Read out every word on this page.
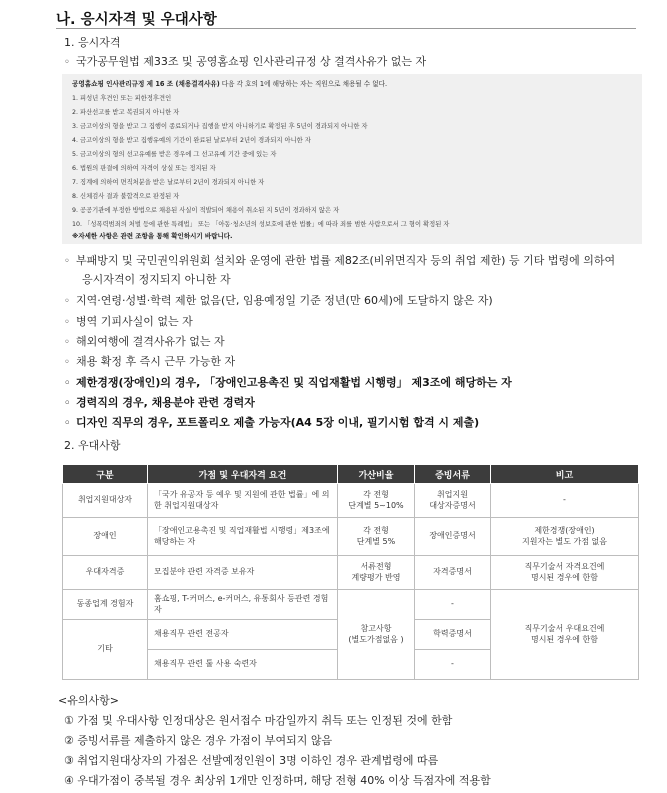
나. 응시자격 및 우대사항
1. 응시자격
◦ 국가공무원법 제33조 및 공영홈쇼핑 인사관리규정 상 결격사유가 없는 자
공영홈쇼핑 인사관리규정 제 16 조 (채용결격사유) 다음 각 호의 1에 해당하는 자는 직원으로 채용될 수 없다.
1. 피성년 후견인 또는 피한정후견인
2. 파산선고를 받고 복권되지 아니한 자
3. 금고이상의 형을 받고 그 집행이 종료되거나 집행을 받지 아니하기로 확정된 후 5년이 경과되지 아니한 자
4. 금고이상의 형을 받고 집행유예의 기간이 완료된 날로부터 2년이 경과되지 아니한 자
5. 금고이상의 형의 선고유예를 받은 경우에 그 선고유예 기간 중에 있는 자
6. 법원의 판결에 의하여 자격이 상실 또는 정지된 자
7. 징계에 의하여 면직처분을 받은 날로부터 2년이 경과되지 아니한 자
8. 신체검사 결과 불합격으로 판정된 자
9. 공공기관에 부정한 방법으로 채용된 사실이 적발되어 채용이 취소된 지 5년이 경과하지 않은 자
10. 「성폭력범죄의 처벌 등에 관한 특례법」 또는 「아동·청소년의 성보호에 관한 법률」에 따라 죄를 범한 사람으로서 그 형이 확정된 자
※자세한 사항은 관련 조항을 통해 확인하시기 바랍니다.
◦ 부패방지 및 국민권익위원회 설치와 운영에 관한 법률 제82조(비위면직자 등의 취업 제한) 등 기타 법령에 의하여
응시자격이 정지되지 아니한 자
◦ 지역·연령·성별·학력 제한 없음(단, 임용예정일 기준 정년(만 60세)에 도달하지 않은 자)
◦ 병역 기피사실이 없는 자
◦ 해외여행에 결격사유가 없는 자
◦ 채용 확정 후 즉시 근무 가능한 자
◦ 제한경쟁(장애인)의 경우, 「장애인고용촉진 및 직업재활법 시행령」 제3조에 해당하는 자
◦ 경력직의 경우, 채용분야 관련 경력자
◦ 디자인 직무의 경우, 포트폴리오 제출 가능자(A4 5장 이내, 필기시험 합격 시 제출)
2. 우대사항
구분	가점 및 우대자격 요건	가산비율	증빙서류	비고
취업지원대상자	「국가 유공자 등 예우 및 지원에 관한 법률」에 의한 취업지원대상자	각 전형
단계별 5~10%	취업지원
대상자증명서	-
장애인	「장애인고용촉진 및 직업재활법 시행령」제3조에 해당하는 자	각 전형
단계별 5%	장애인증명서	제한경쟁(장애인)
지원자는 별도 가점 없음
우대자격증	모집분야 관련 자격증 보유자	서류전형
계량평가 반영	자격증명서	직무기술서 자격요건에
명시된 경우에 한함
동종업계 경험자	홈쇼핑, T-커머스, e-커머스, 유통회사 등관련 경험자	참고사항
(별도가점없음 )	-	직무기술서 우대요건에
명시된 경우에 한함
기타	채용직무 관련 전공자		학력증명서	
	채용직무 관련 툴 사용 숙련자		-	
<유의사항>
① 가점 및 우대사항 인정대상은 원서접수 마감일까지 취득 또는 인정된 것에 한함
② 증빙서류를 제출하지 않은 경우 가점이 부여되지 않음
③ 취업지원대상자의 가점은 선발예정인원이 3명 이하인 경우 관계법령에 따름
④ 우대가점이 중복될 경우 최상위 1개만 인정하며, 해당 전형 40% 이상 득점자에 적용함
